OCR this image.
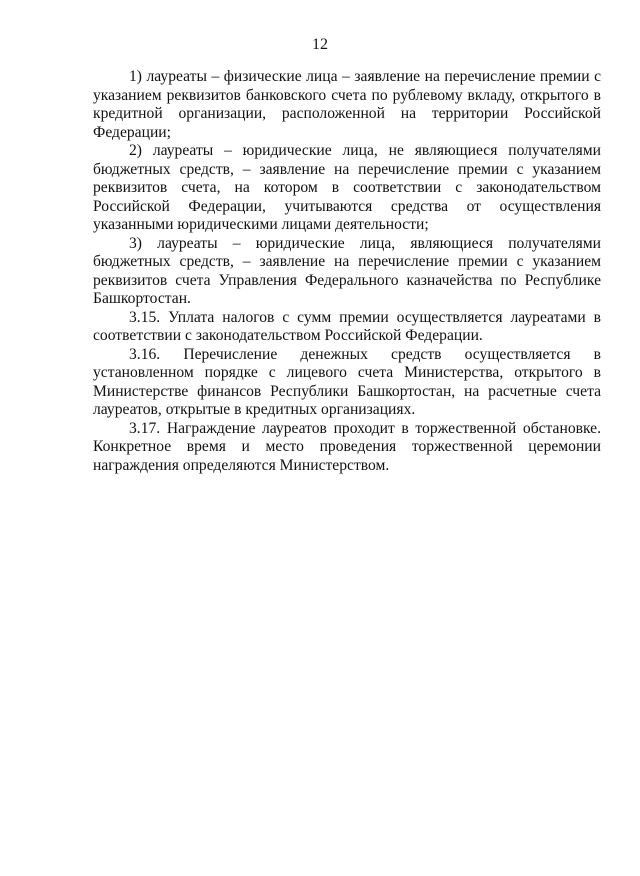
12

1) лауреаты – физические лица – заявление на перечисление премии с указанием реквизитов банковского счета по рублевому вкладу, открытого в кредитной организации, расположенной на территории Российской Федерации;

2) лауреаты – юридические лица, не являющиеся получателями бюджетных средств, – заявление на перечисление премии с указанием реквизитов счета, на котором в соответствии с законодательством Российской Федерации, учитываются средства от осуществления указанными юридическими лицами деятельности;

3) лауреаты – юридические лица, являющиеся получателями бюджетных средств, – заявление на перечисление премии с указанием реквизитов счета Управления Федерального казначейства по Республике Башкортостан.

3.15. Уплата налогов с сумм премии осуществляется лауреатами в соответствии с законодательством Российской Федерации.

3.16. Перечисление денежных средств осуществляется в установленном порядке с лицевого счета Министерства, открытого в Министерстве финансов Республики Башкортостан, на расчетные счета лауреатов, открытые в кредитных организациях.

3.17. Награждение лауреатов проходит в торжественной обстановке. Конкретное время и место проведения торжественной церемонии награждения определяются Министерством.
